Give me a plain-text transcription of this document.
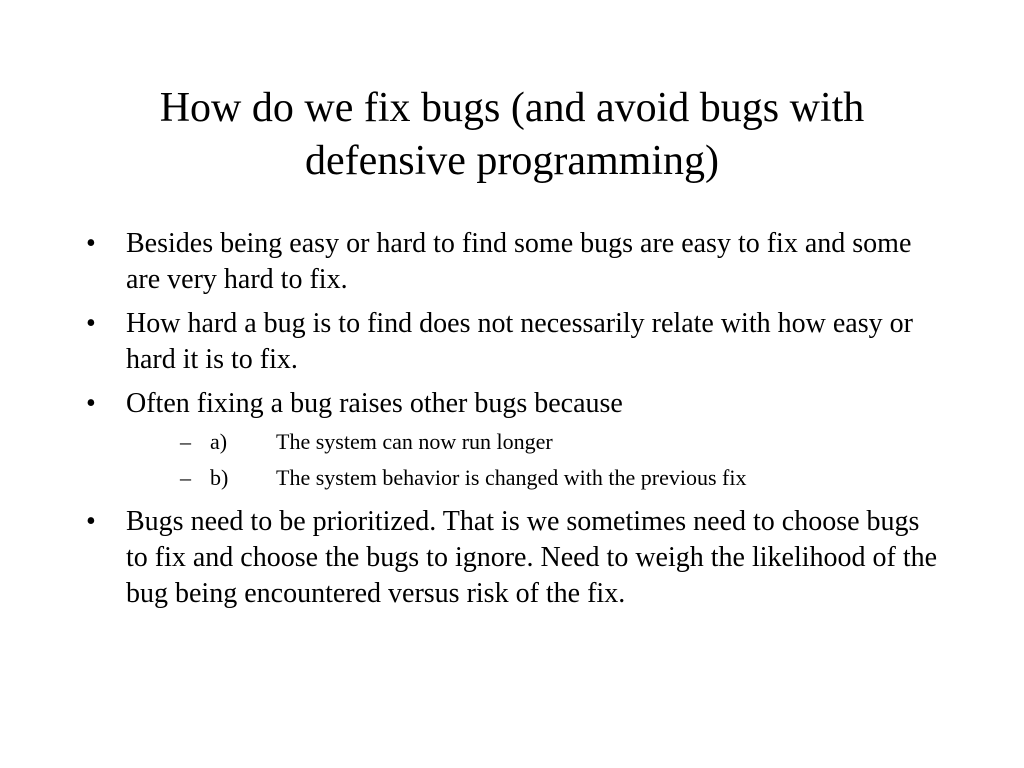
How do we fix bugs (and avoid bugs with
defensive programming)
•	Besides being easy or hard to find some bugs are easy to fix and some are very hard to fix.
•	How hard a bug is to find does not necessarily relate with how easy or hard it is to fix.
•	Often fixing a bug raises other bugs because
– a) The system can now run longer
– b) The system behavior is changed with the previous fix
•	Bugs need to be prioritized. That is we sometimes need to choose bugs to fix and choose the bugs to ignore. Need to weigh the likelihood of the bug being encountered versus risk of the fix.
